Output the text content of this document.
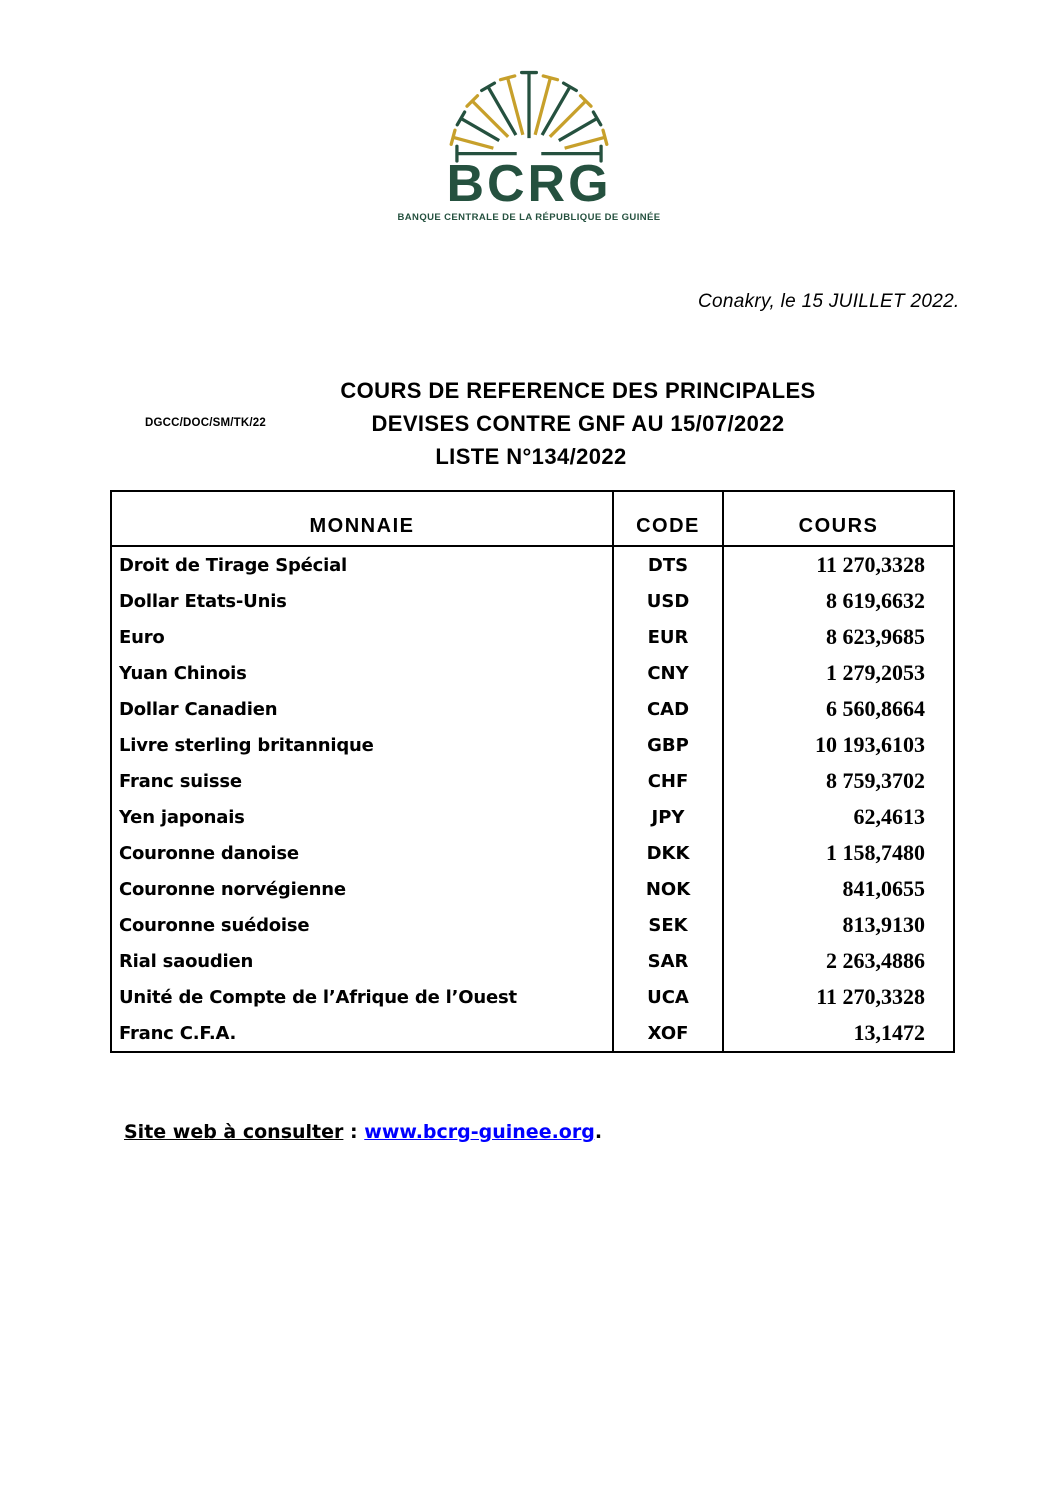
BCRG
BANQUE CENTRALE DE LA RÉPUBLIQUE DE GUINÉE
Conakry, le 15 JUILLET 2022.
DGCC/DOC/SM/TK/22
COURS DE REFERENCE DES PRINCIPALES
DEVISES CONTRE GNF AU 15/07/2022
LISTE N°134/2022
MONNAIE	CODE	COURS
Droit de Tirage Spécial	DTS	11 270,3328
Dollar Etats-Unis	USD	8 619,6632
Euro	EUR	8 623,9685
Yuan Chinois	CNY	1 279,2053
Dollar Canadien	CAD	6 560,8664
Livre sterling britannique	GBP	10 193,6103
Franc suisse	CHF	8 759,3702
Yen japonais	JPY	62,4613
Couronne danoise	DKK	1 158,7480
Couronne norvégienne	NOK	841,0655
Couronne suédoise	SEK	813,9130
Rial saoudien	SAR	2 263,4886
Unité de Compte de l’Afrique de l’Ouest	UCA	11 270,3328
Franc C.F.A.	XOF	13,1472
Site web à consulter : www.bcrg-guinee.org.
